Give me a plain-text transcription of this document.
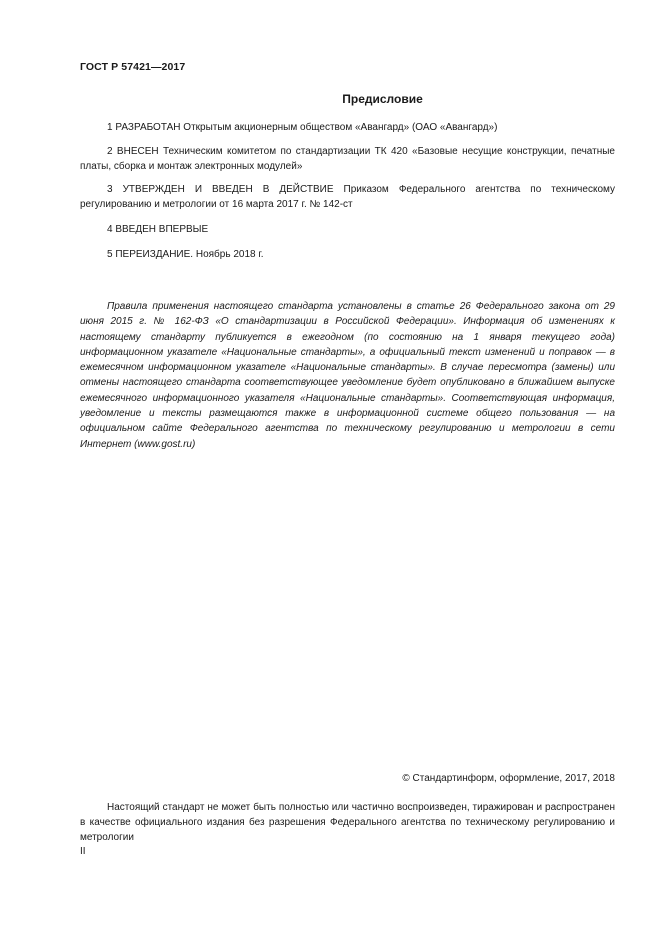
ГОСТ Р 57421—2017
Предисловие
1 РАЗРАБОТАН Открытым акционерным обществом «Авангард» (ОАО «Авангард»)
2 ВНЕСЕН Техническим комитетом по стандартизации ТК 420 «Базовые несущие конструкции, печатные платы, сборка и монтаж электронных модулей»
3 УТВЕРЖДЕН И ВВЕДЕН В ДЕЙСТВИЕ Приказом Федерального агентства по техническому регулированию и метрологии от 16 марта 2017 г. № 142-ст
4 ВВЕДЕН ВПЕРВЫЕ
5 ПЕРЕИЗДАНИЕ. Ноябрь 2018 г.
Правила применения настоящего стандарта установлены в статье 26 Федерального закона от 29 июня 2015 г. № 162-ФЗ «О стандартизации в Российской Федерации». Информация об изменениях к настоящему стандарту публикуется в ежегодном (по состоянию на 1 января текущего года) информационном указателе «Национальные стандарты», а официальный текст изменений и поправок — в ежемесячном информационном указателе «Национальные стандарты». В случае пересмотра (замены) или отмены настоящего стандарта соответствующее уведомление будет опубликовано в ближайшем выпуске ежемесячного информационного указателя «Национальные стандарты». Соответствующая информация, уведомление и тексты размещаются также в информационной системе общего пользования — на официальном сайте Федерального агентства по техническому регулированию и метрологии в сети Интернет (www.gost.ru)
© Стандартинформ, оформление, 2017, 2018
Настоящий стандарт не может быть полностью или частично воспроизведен, тиражирован и распространен в качестве официального издания без разрешения Федерального агентства по техническому регулированию и метрологии
II
